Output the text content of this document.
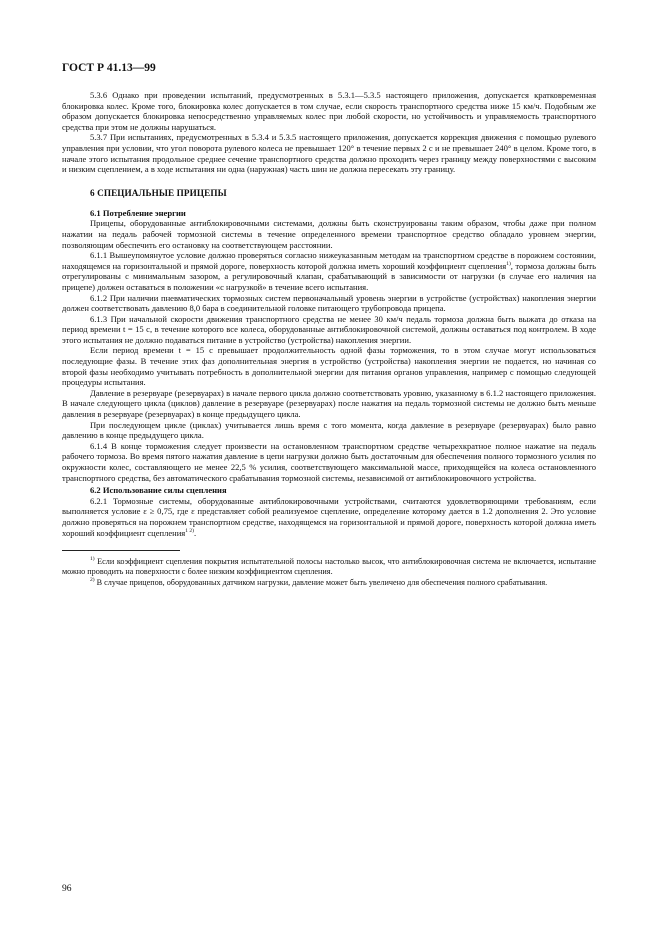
ГОСТ Р 41.13—99

5.3.6 Однако при проведении испытаний, предусмотренных в 5.3.1—5.3.5 настоящего приложения, допускается кратковременная блокировка колес. Кроме того, блокировка колес допускается в том случае, если скорость транспортного средства ниже 15 км/ч. Подобным же образом допускается блокировка непосредственно управляемых колес при любой скорости, но устойчивость и управляемость транспортного средства при этом не должны нарушаться.

5.3.7 При испытаниях, предусмотренных в 5.3.4 и 5.3.5 настоящего приложения, допускается коррекция движения с помощью рулевого управления при условии, что угол поворота рулевого колеса не превышает 120° в течение первых 2 с и не превышает 240° в целом. Кроме того, в начале этого испытания продольное среднее сечение транспортного средства должно проходить через границу между поверхностями с высоким и низким сцеплением, а в ходе испытания ни одна (наружная) часть шин не должна пересекать эту границу.

6 СПЕЦИАЛЬНЫЕ ПРИЦЕПЫ
6.1 Потребление энергии

Прицепы, оборудованные антиблокировочными системами, должны быть сконструированы таким образом, чтобы даже при полном нажатии на педаль рабочей тормозной системы в течение определенного времени транспортное средство обладало уровнем энергии, позволяющим обеспечить его остановку на соответствующем расстоянии.

6.1.1 Вышеупомянутое условие должно проверяться согласно нижеуказанным методам на транспортном средстве в порожнем состоянии, находящемся на горизонтальной и прямой дороге, поверхность которой должна иметь хороший коэффициент сцепления$^{1)}$, тормоза должны быть отрегулированы с минимальным зазором, а регулировочный клапан, срабатывающий в зависимости от нагрузки (в случае его наличия на прицепе) должен оставаться в положении «с нагрузкой» в течение всего испытания.

6.1.2 При наличии пневматических тормозных систем первоначальный уровень энергии в устройстве (устройствах) накопления энергии должен соответствовать давлению 8,0 бара в соединительной головке питающего трубопровода прицепа.

6.1.3 При начальной скорости движения транспортного средства не менее 30 км/ч педаль тормоза должна быть выжата до отказа на период времени t = 15 с, в течение которого все колеса, оборудованные антиблокировочной системой, должны оставаться под контролем. В ходе этого испытания не должно подаваться питание в устройство (устройства) накопления энергии.

Если период времени t = 15 с превышает продолжительность одной фазы торможения, то в этом случае могут использоваться последующие фазы. В течение этих фаз дополнительная энергия в устройство (устройства) накопления энергии не подается, но начиная со второй фазы необходимо учитывать потребность в дополнительной энергии для питания органов управления, например с помощью следующей процедуры испытания.

Давление в резервуаре (резервуарах) в начале первого цикла должно соответствовать уровню, указанному в 6.1.2 настоящего приложения. В начале следующего цикла (циклов) давление в резервуаре (резервуарах) после нажатия на педаль тормозной системы не должно быть меньше давления в резервуаре (резервуарах) в конце предыдущего цикла.

При последующем цикле (циклах) учитывается лишь время с того момента, когда давление в резервуаре (резервуарах) было равно давлению в конце предыдущего цикла.

6.1.4 В конце торможения следует произвести на остановленном транспортном средстве четырехкратное полное нажатие на педаль рабочего тормоза. Во время пятого нажатия давление в цепи нагрузки должно быть достаточным для обеспечения полного тормозного усилия по окружности колес, составляющего не менее 22,5 % усилия, соответствующего максимальной массе, приходящейся на колеса остановленного транспортного средства, без автоматического срабатывания тормозной системы, независимой от антиблокировочного устройства.

6.2 Использование силы сцепления

6.2.1 Тормозные системы, оборудованные антиблокировочными устройствами, считаются удовлетворяющими требованиям, если выполняется условие ε ≥ 0,75, где ε представляет собой реализуемое сцепление, определение которому дается в 1.2 дополнения 2. Это условие должно проверяться на порожнем транспортном средстве, находящемся на горизонтальной и прямой дороге, поверхность которой должна иметь хороший коэффициент сцепления$^{1 2)}$.

$^{1)}$ Если коэффициент сцепления покрытия испытательной полосы настолько высок, что антиблокировочная система не включается, испытание можно проводить на поверхности с более низким коэффициентом сцепления.

$^{2)}$ В случае прицепов, оборудованных датчиком нагрузки, давление может быть увеличено для обеспечения полного срабатывания.

96
